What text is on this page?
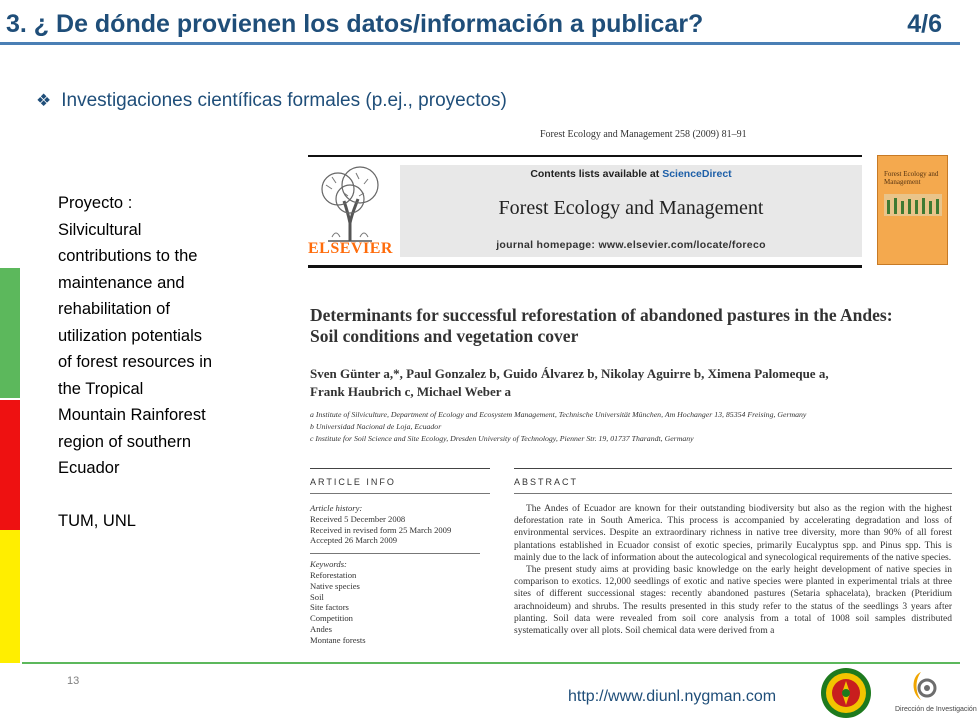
3. ¿ De dónde provienen los datos/información a publicar?	4/6
❖ Investigaciones científicas formales (p.ej., proyectos)

Proyecto :

Silvicultural

contributions to the

maintenance and

rehabilitation of

utilization potentials

of forest resources in

the Tropical

Mountain Rainforest

region of southern

Ecuador

TUM, UNL

Forest Ecology and Management 258 (2009) 81–91
ELSEVIER
Contents lists available at ScienceDirect
Forest Ecology and Management
journal homepage: www.elsevier.com/locate/foreco
Forest Ecology and Management
Determinants for successful reforestation of abandoned pastures in the Andes:
Soil conditions and vegetation cover
Sven Günter a,*, Paul Gonzalez b, Guido Álvarez b, Nikolay Aguirre b, Ximena Palomeque a,
Frank Haubrich c, Michael Weber a
a Institute of Silviculture, Department of Ecology and Ecosystem Management, Technische Universität München, Am Hochanger 13, 85354 Freising, Germany
b Universidad Nacional de Loja, Ecuador
c Institute for Soil Science and Site Ecology, Dresden University of Technology, Pienner Str. 19, 01737 Tharandt, Germany
ARTICLE INFO	ABSTRACT
Article history:
Received 5 December 2008
Received in revised form 25 March 2009
Accepted 26 March 2009
Keywords:
Reforestation
Native species
Soil
Site factors
Competition
Andes
Montane forests

The Andes of Ecuador are known for their outstanding biodiversity but also as the region with the highest deforestation rate in South America. This process is accompanied by accelerating degradation and loss of environmental services. Despite an extraordinary richness in native tree diversity, more than 90% of all forest plantations established in Ecuador consist of exotic species, primarily Eucalyptus spp. and Pinus spp. This is mainly due to the lack of information about the autecological and synecological requirements of the native species.

The present study aims at providing basic knowledge on the early height development of native species in comparison to exotics. 12,000 seedlings of exotic and native species were planted in experimental trials at three sites of different successional stages: recently abandoned pastures (Setaria sphacelata), bracken (Pteridium arachnoideum) and shrubs. The results presented in this study refer to the status of the seedlings 3 years after planting. Soil data were revealed from soil core analysis from a total of 1008 soil samples distributed systematically over all plots. Soil chemical data were derived from a

13
http://www.diunl.nygman.com
Dirección de Investigación
